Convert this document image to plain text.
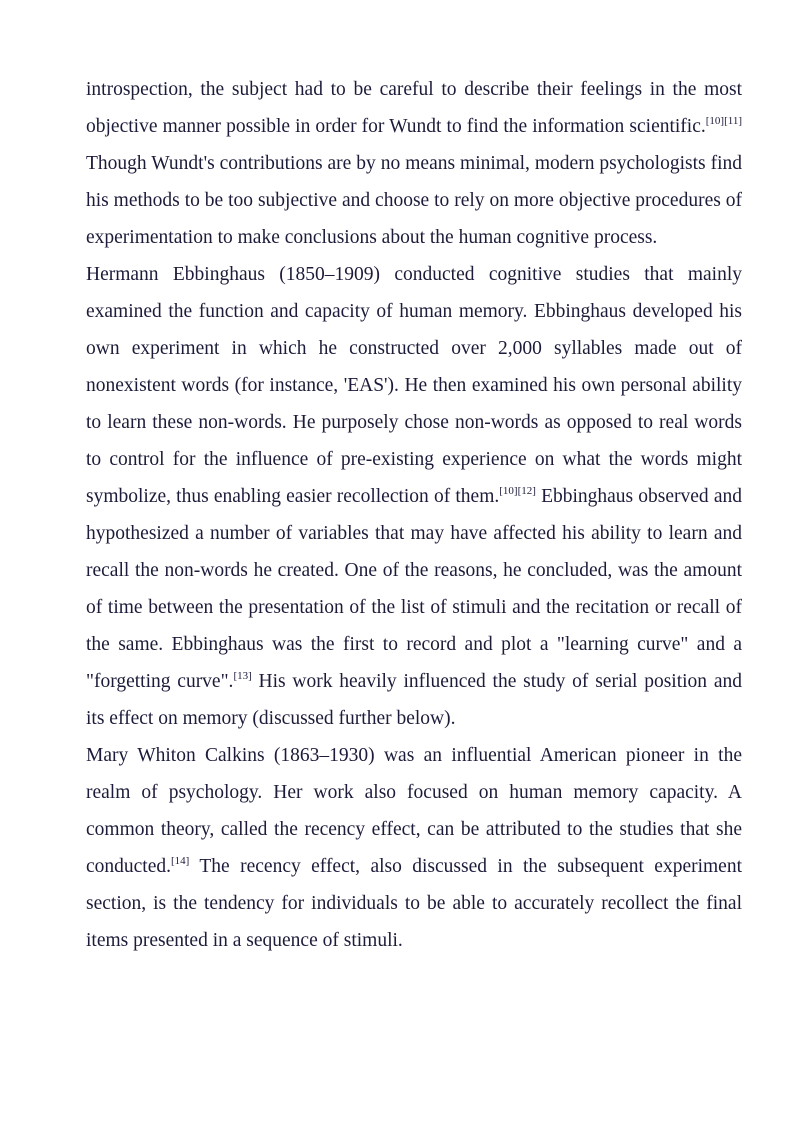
introspection, the subject had to be careful to describe their feelings in the most objective manner possible in order for Wundt to find the information scientific.[10][11] Though Wundt's contributions are by no means minimal, modern psychologists find his methods to be too subjective and choose to rely on more objective procedures of experimentation to make conclusions about the human cognitive process.

Hermann Ebbinghaus (1850–1909) conducted cognitive studies that mainly examined the function and capacity of human memory. Ebbinghaus developed his own experiment in which he constructed over 2,000 syllables made out of nonexistent words (for instance, 'EAS'). He then examined his own personal ability to learn these non-words. He purposely chose non-words as opposed to real words to control for the influence of pre-existing experience on what the words might symbolize, thus enabling easier recollection of them.[10][12] Ebbinghaus observed and hypothesized a number of variables that may have affected his ability to learn and recall the non-words he created. One of the reasons, he concluded, was the amount of time between the presentation of the list of stimuli and the recitation or recall of the same. Ebbinghaus was the first to record and plot a "learning curve" and a "forgetting curve".[13] His work heavily influenced the study of serial position and its effect on memory (discussed further below).

Mary Whiton Calkins (1863–1930) was an influential American pioneer in the realm of psychology. Her work also focused on human memory capacity. A common theory, called the recency effect, can be attributed to the studies that she conducted.[14] The recency effect, also discussed in the subsequent experiment section, is the tendency for individuals to be able to accurately recollect the final items presented in a sequence of stimuli.
